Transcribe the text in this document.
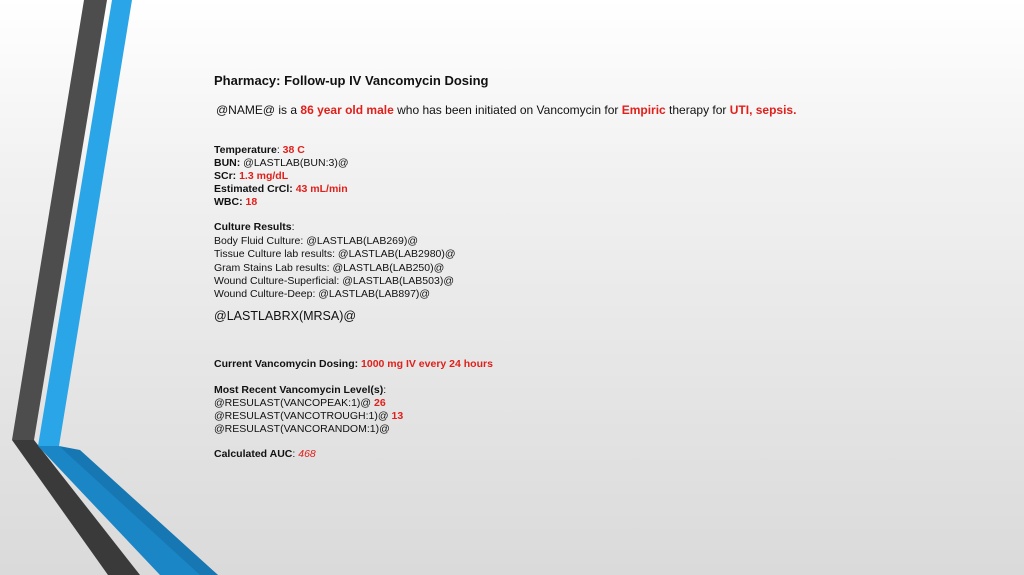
Pharmacy: Follow-up IV Vancomycin Dosing
@NAME@ is a 86 year old male who has been initiated on Vancomycin for Empiric therapy for UTI, sepsis.
Temperature: 38 C
BUN: @LASTLAB(BUN:3)@
SCr: 1.3 mg/dL
Estimated CrCl: 43 mL/min
WBC: 18
Culture Results:
Body Fluid Culture: @LASTLAB(LAB269)@
Tissue Culture lab results: @LASTLAB(LAB2980)@
Gram Stains Lab results: @LASTLAB(LAB250)@
Wound Culture-Superficial: @LASTLAB(LAB503)@
Wound Culture-Deep: @LASTLAB(LAB897)@
@LASTLABRX(MRSA)@
Current Vancomycin Dosing: 1000 mg IV every 24 hours
Most Recent Vancomycin Level(s):
@RESULAST(VANCOPEAK:1)@ 26
@RESULAST(VANCOTROUGH:1)@ 13
@RESULAST(VANCORANDOM:1)@
Calculated AUC: 468
